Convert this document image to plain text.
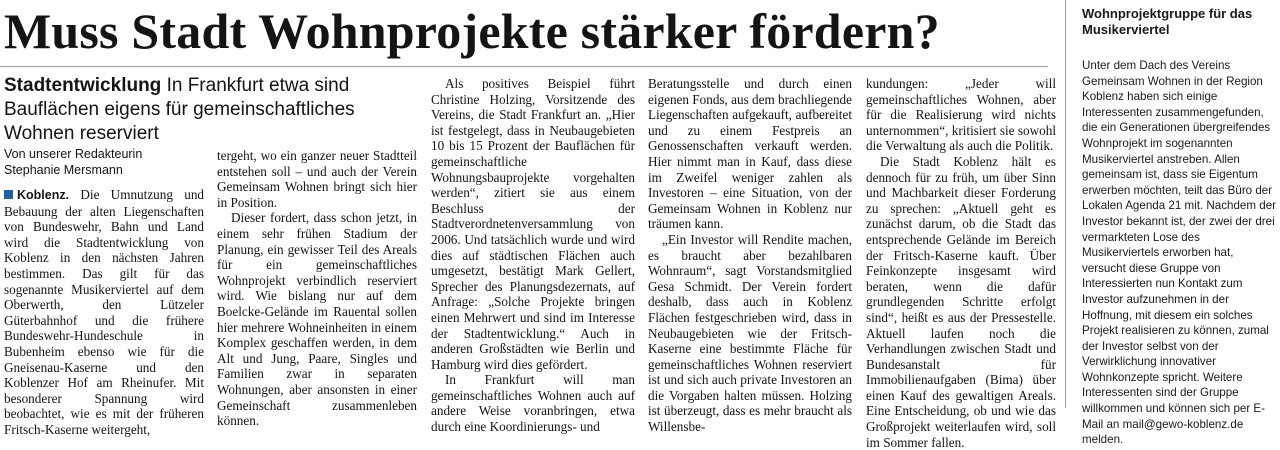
Muss Stadt Wohnprojekte stärker fördern?

Stadtentwicklung In Frankfurt etwa sind Bauflächen eigens für gemeinschaftliches Wohnen reserviert

Von unserer Redakteurin
Stephanie Mersmann

Koblenz. Die Umnutzung und Bebauung der alten Liegenschaften von Bundeswehr, Bahn und Land wird die Stadtentwicklung von Koblenz in den nächsten Jahren bestimmen. Das gilt für das sogenannte Musikerviertel auf dem Oberwerth, den Lützeler Güterbahnhof und die frühere Bundeswehr-Hundeschule in Bubenheim ebenso wie für die Gneisenau-Kaserne und den Koblenzer Hof am Rheinufer. Mit besonderer Spannung wird beobachtet, wie es mit der früheren Fritsch-Kaserne weitergeht,

tergeht, wo ein ganzer neuer Stadtteil entstehen soll – und auch der Verein Gemeinsam Wohnen bringt sich hier in Position.

Dieser fordert, dass schon jetzt, in einem sehr frühen Stadium der Planung, ein gewisser Teil des Areals für ein gemeinschaftliches Wohnprojekt verbindlich reserviert wird. Wie bislang nur auf dem Boelcke-Gelände im Rauental sollen hier mehrere Wohneinheiten in einem Komplex geschaffen werden, in dem Alt und Jung, Paare, Singles und Familien zwar in separaten Wohnungen, aber ansonsten in einer Gemeinschaft zusammenleben können.

Als positives Beispiel führt Christine Holzing, Vorsitzende des Vereins, die Stadt Frankfurt an. „Hier ist festgelegt, dass in Neubaugebieten 10 bis 15 Prozent der Bauflächen für gemeinschaftliche Wohnungsbauprojekte vorgehalten werden“, zitiert sie aus einem Beschluss der Stadtverordnetenversammlung von 2006. Und tatsächlich wurde und wird dies auf städtischen Flächen auch umgesetzt, bestätigt Mark Gellert, Sprecher des Planungsdezernats, auf Anfrage: „Solche Projekte bringen einen Mehrwert und sind im Interesse der Stadtentwicklung.“ Auch in anderen Großstädten wie Berlin und Hamburg wird dies gefördert.

In Frankfurt will man gemeinschaftliches Wohnen auch auf andere Weise voranbringen, etwa durch eine Koordinierungs- und

Beratungsstelle und durch einen eigenen Fonds, aus dem brachliegende Liegenschaften aufgekauft, aufbereitet und zu einem Festpreis an Genossenschaften verkauft werden. Hier nimmt man in Kauf, dass diese im Zweifel weniger zahlen als Investoren – eine Situation, von der Gemeinsam Wohnen in Koblenz nur träumen kann.

„Ein Investor will Rendite machen, es braucht aber bezahlbaren Wohnraum“, sagt Vorstandsmitglied Gesa Schmidt. Der Verein fordert deshalb, dass auch in Koblenz Flächen festgeschrieben wird, dass in Neubaugebieten wie der Fritsch-Kaserne eine bestimmte Fläche für gemeinschaftliches Wohnen reserviert ist und sich auch private Investoren an die Vorgaben halten müssen. Holzing ist überzeugt, dass es mehr braucht als Willensbe-

kundungen: „Jeder will gemeinschaftliches Wohnen, aber für die Realisierung wird nichts unternommen“, kritisiert sie sowohl die Verwaltung als auch die Politik.

Die Stadt Koblenz hält es dennoch für zu früh, um über Sinn und Machbarkeit dieser Forderung zu sprechen: „Aktuell geht es zunächst darum, ob die Stadt das entsprechende Gelände im Bereich der Fritsch-Kaserne kauft. Über Feinkonzepte insgesamt wird beraten, wenn die dafür grundlegenden Schritte erfolgt sind“, heißt es aus der Pressestelle. Aktuell laufen noch die Verhandlungen zwischen Stadt und Bundesanstalt für Immobilienaufgaben (Bima) über einen Kauf des gewaltigen Areals. Eine Entscheidung, ob und wie das Großprojekt weiterlaufen wird, soll im Sommer fallen.

Wohnprojektgruppe für das Musikerviertel

Unter dem Dach des Vereins Gemeinsam Wohnen in der Region Koblenz haben sich einige Interessenten zusammengefunden, die ein Generationen übergreifendes Wohnprojekt im sogenannten Musikerviertel anstreben. Allen gemeinsam ist, dass sie Eigentum erwerben möchten, teilt das Büro der Lokalen Agenda 21 mit. Nachdem der Investor bekannt ist, der zwei der drei vermarkteten Lose des Musikerviertels erworben hat, versucht diese Gruppe von Interessierten nun Kontakt zum Investor aufzunehmen in der Hoffnung, mit diesem ein solches Projekt realisieren zu können, zumal der Investor selbst von der Verwirklichung innovativer Wohnkonzepte spricht. Weitere Interessenten sind der Gruppe willkommen und können sich per E-Mail an mail@gewo-koblenz.de melden.
